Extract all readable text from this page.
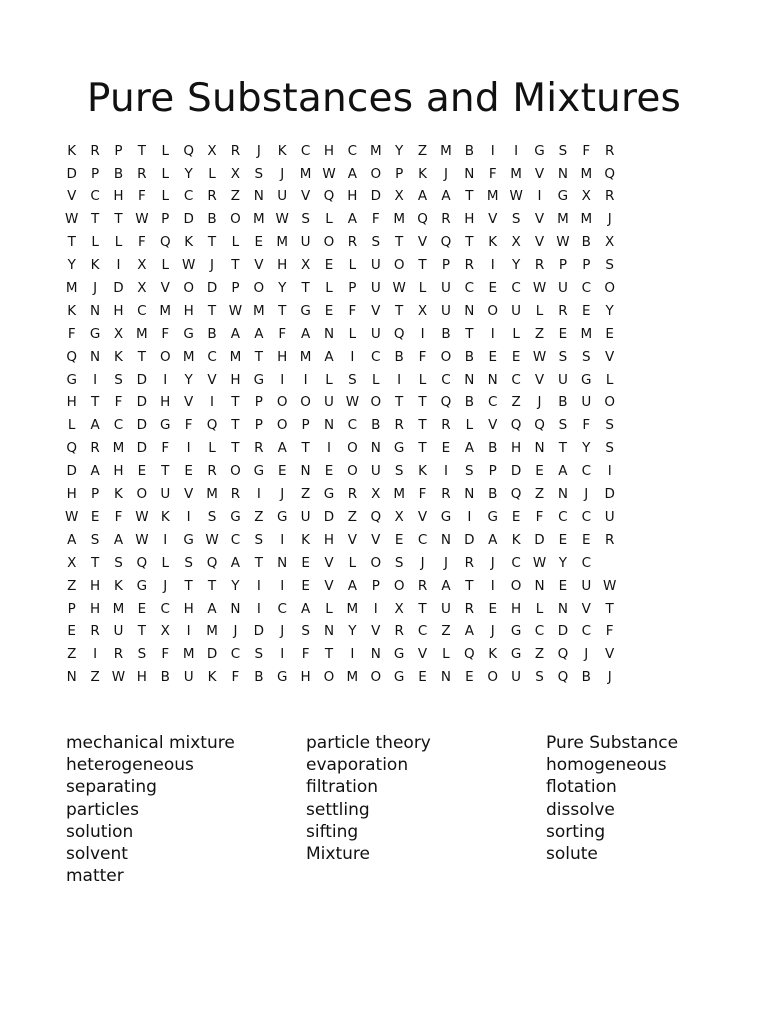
Pure Substances and Mixtures
K	R	P	T	L	Q X	R	J	K	C	H	C M Y	Z M B	I	I	G	S	F	R
D	P	B	R	L	Y	L	X	S	J	M W A O	P	K	J	N	F	M V	N M Q
V	C	H	F	L	C	R	Z	N U	V Q H D	X	A	A	T M W	I	G	X	R
W T	T W P	D	B O M W S	L	A	F	M Q R	H	V	S	V M M	J
T	L	L	F	Q	K	T	L	E M U O R	S	T	V Q	T	K	X	V W B	X
Y	K	I	X	L W	J	T	V	H	X	E	L	U O	T	P	R	I	Y	R	P	P	S
M	J	D	X	V O D	P	O	Y	T	L	P	U W L	U	C	E	C W U	C O
K	N H	C M H	T W M T	G	E	F	V	T	X	U N O U	L	R	E	Y
F	G	X M	F	G	B	A	A	F	A	N	L	U Q	I	B	T	I	L	Z	E M E
Q N	K	T	O M C M T	H M A	I	C	B	F	O B	E	E W S	S	V
G	I	S	D	I	Y	V	H G	I	I	L	S	L	I	L	C	N N	C	V	U G	L
H	T	F	D H	V	I	T	P	O O U W O	T	T	Q B	C	Z	J	B	U O
L	A	C D G	F	Q	T	P	O	P	N	C	B	R	T	R	L	V Q Q	S	F	S
Q R M D	F	I	L	T	R	A	T	I	O N G	T	E	A	B	H N	T	Y	S
D	A	H	E	T	E	R O G	E	N	E	O U	S	K	I	S	P	D	E	A	C	I
H	P	K	O U	V M R	I	J	Z	G R	X M	F	R	N	B Q Z	N	J	D
W E	F W K	I	S	G	Z	G U D	Z Q X	V	G	I	G	E	F	C	C	U
A	S	A W	I	G W C	S	I	K	H	V	V	E	C	N D	A	K	D	E	E	R
X	T	S	Q	L	S	Q A	T	N	E	V	L	O	S	J	J	R	J	C W Y	C
Z	H	K	G	J	T	T	Y	I	I	E	V	A	P	O R	A	T	I	O N	E	U W
P	H M E	C	H	A	N	I	C	A	L	M	I	X	T	U	R	E	H	L	N	V	T
E	R	U	T	X	I	M	J	D	J	S	N	Y	V	R	C	Z	A	J	G C D C	F
Z	I	R	S	F	M D C	S	I	F	T	I	N G	V	L	Q	K	G	Z Q	J	V
N	Z W H	B	U	K	F	B	G H O M O G	E	N	E	O U	S	Q B	J
mechanical mixture
heterogeneous
separating
particles
solution
solvent
matter
particle theory
evaporation
filtration
settling
sifting
Mixture
Pure Substance
homogeneous
flotation
dissolve
sorting
solute
